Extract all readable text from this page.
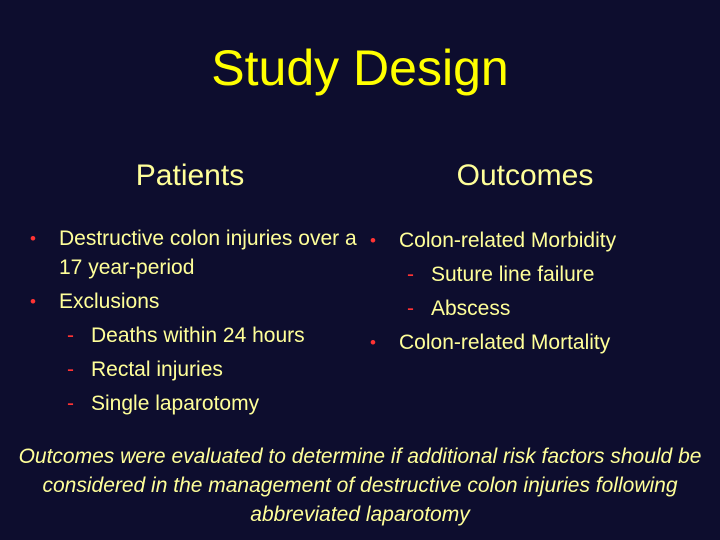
Study Design
Patients	Outcomes
•	Destructive colon injuries over a 17 year-period
•	Exclusions
- Deaths within 24 hours
- Rectal injuries
- Single laparotomy
•	Colon-related Morbidity
- Suture line failure
- Abscess
•	Colon-related Mortality
Outcomes were evaluated to determine if additional risk factors should be considered in the management of destructive colon injuries following abbreviated laparotomy
